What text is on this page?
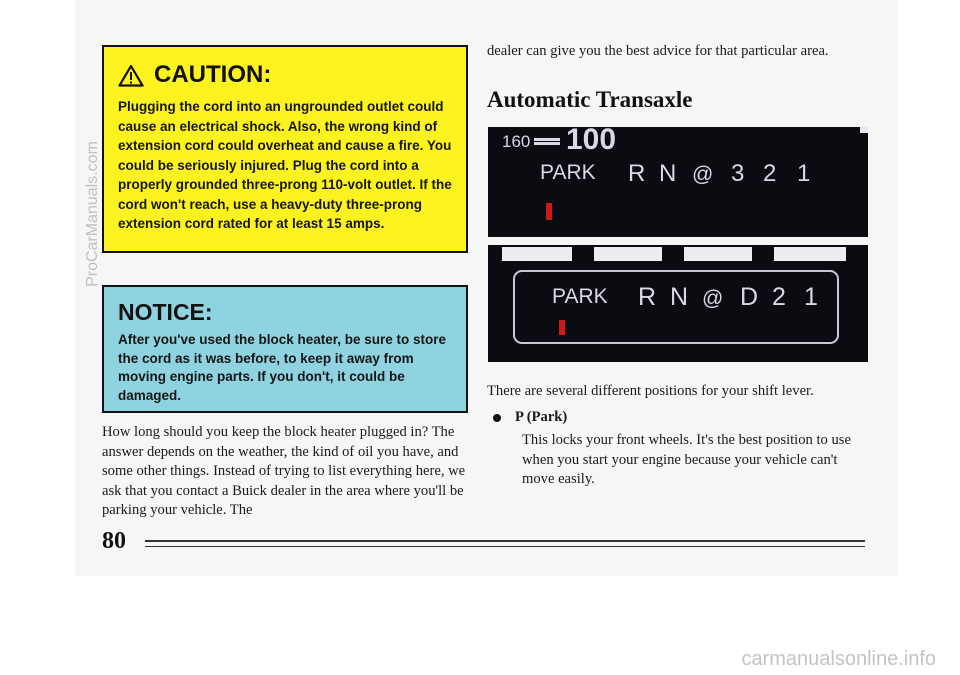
CAUTION:
Plugging the cord into an ungrounded outlet could cause an electrical shock. Also, the wrong kind of extension cord could overheat and cause a fire. You could be seriously injured. Plug the cord into a properly grounded three-prong 110-volt outlet. If the cord won't reach, use a heavy-duty three-prong extension cord rated for at least 15 amps.
NOTICE:
After you've used the block heater, be sure to store the cord as it was before, to keep it away from moving engine parts. If you don't, it could be damaged.
How long should you keep the block heater plugged in? The answer depends on the weather, the kind of oil you have, and some other things. Instead of trying to list everything here, we ask that you contact a Buick dealer in the area where you'll be parking your vehicle. The
dealer can give you the best advice for that particular area.
Automatic Transaxle
160 100
PARK R N @ 3 2 1
PARK R N @ D 2 1
There are several different positions for your shift lever.
P (Park)
This locks your front wheels. It's the best position to use when you start your engine because your vehicle can't move easily.
80
ProCarManuals.com
carmanualsonline.info
